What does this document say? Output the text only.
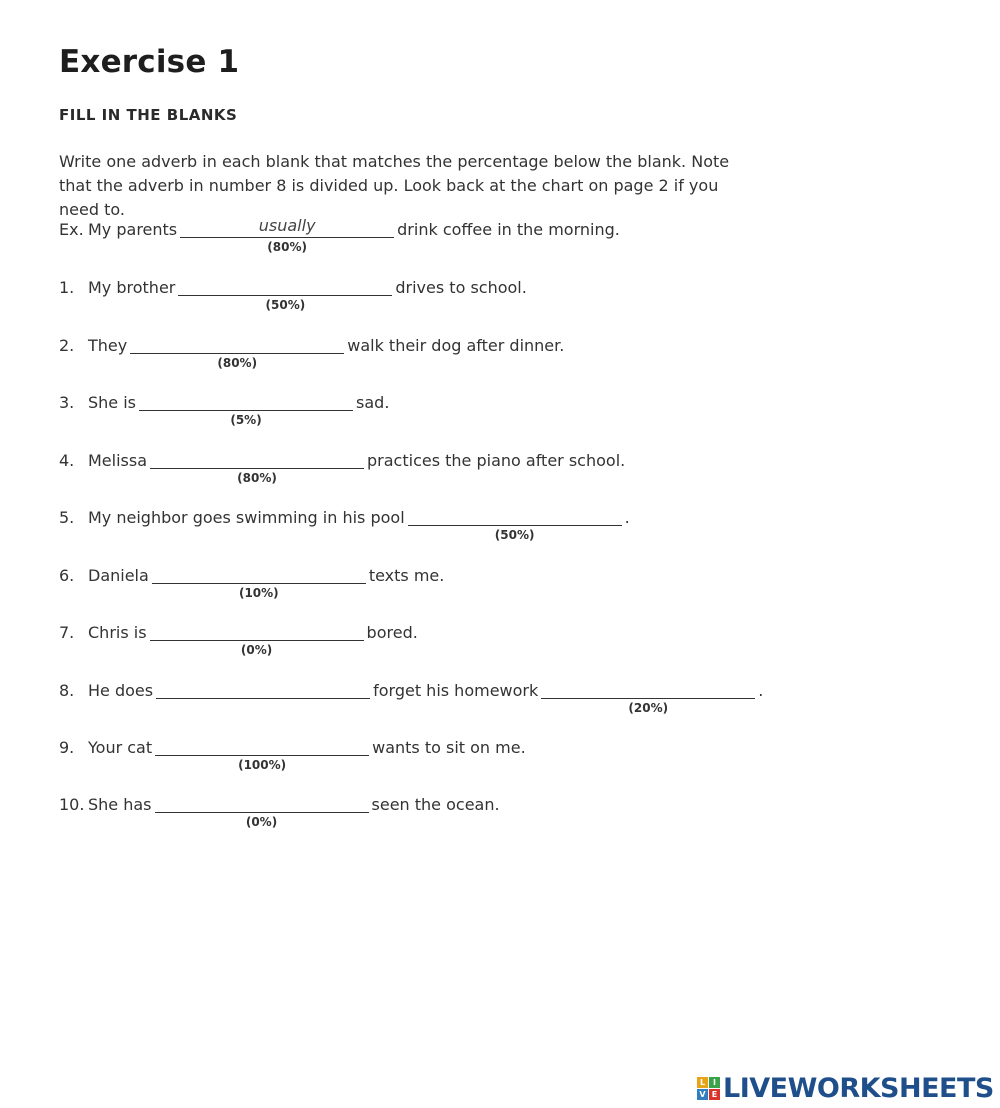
Exercise 1
FILL IN THE BLANKS
Write one adverb in each blank that matches the percentage below the blank. Note that the adverb in number 8 is divided up. Look back at the chart on page 2 if you need to.
Ex. My parents
usually
(80%)
drink coffee in the morning.
1. My brother
(50%)
drives to school.
2. They
(80%)
walk their dog after dinner.
3. She is
(5%)
sad.
4. Melissa
(80%)
practices the piano after school.
5. My neighbor goes swimming in his pool
(50%)
.
6. Daniela
(10%)
texts me.
7. Chris is
(0%)
bored.
8. He does	forget his homework
(20%)
.
9. Your cat
(100%)
wants to sit on me.
10. She has
(0%)
seen the ocean.
L I
V E LIVEWORKSHEETS
